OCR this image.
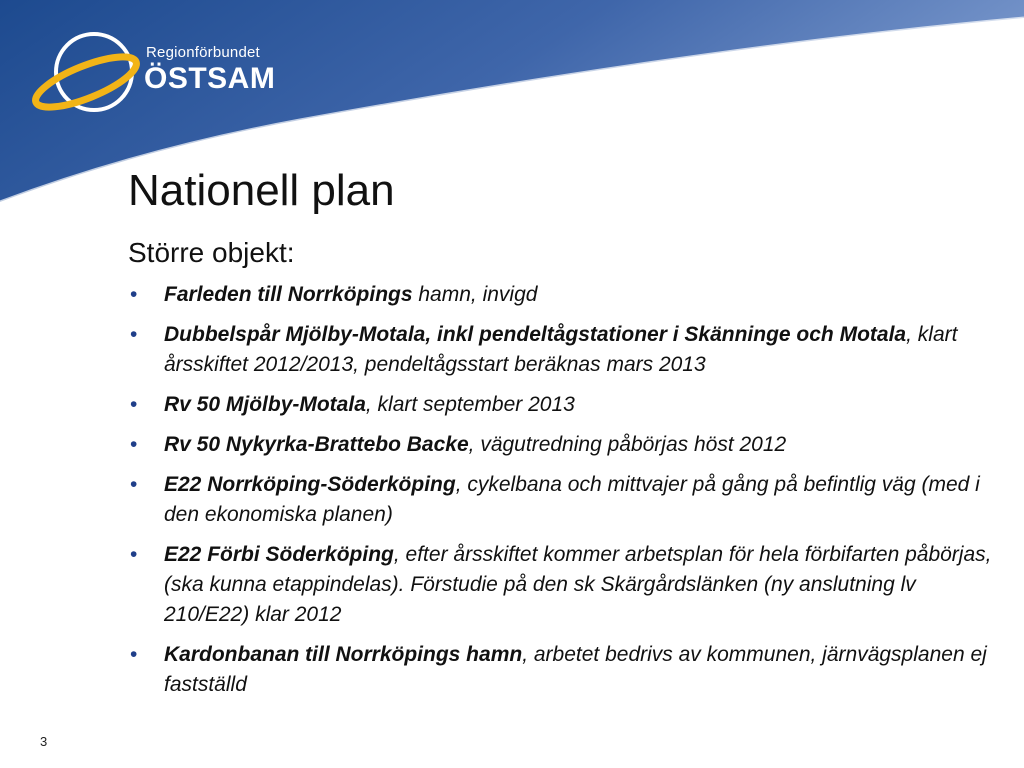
Regionförbundet
ÖSTSAM
Nationell plan
Större objekt:
• Farleden till Norrköpings hamn, invigd
• Dubbelspår Mjölby-Motala, inkl pendeltågstationer i Skänninge och Motala, klart årsskiftet 2012/2013, pendeltågsstart beräknas mars 2013
• Rv 50 Mjölby-Motala, klart september 2013
• Rv 50 Nykyrka-Brattebo Backe, vägutredning påbörjas höst 2012
• E22 Norrköping-Söderköping, cykelbana och mittvajer på gång på befintlig väg (med i den ekonomiska planen)
• E22 Förbi Söderköping, efter årsskiftet kommer arbetsplan för hela förbifarten påbörjas, (ska kunna etappindelas). Förstudie på den sk Skärgårdslänken (ny anslutning lv 210/E22) klar 2012
• Kardonbanan till Norrköpings hamn, arbetet bedrivs av kommunen, järnvägsplanen ej fastställd
3
